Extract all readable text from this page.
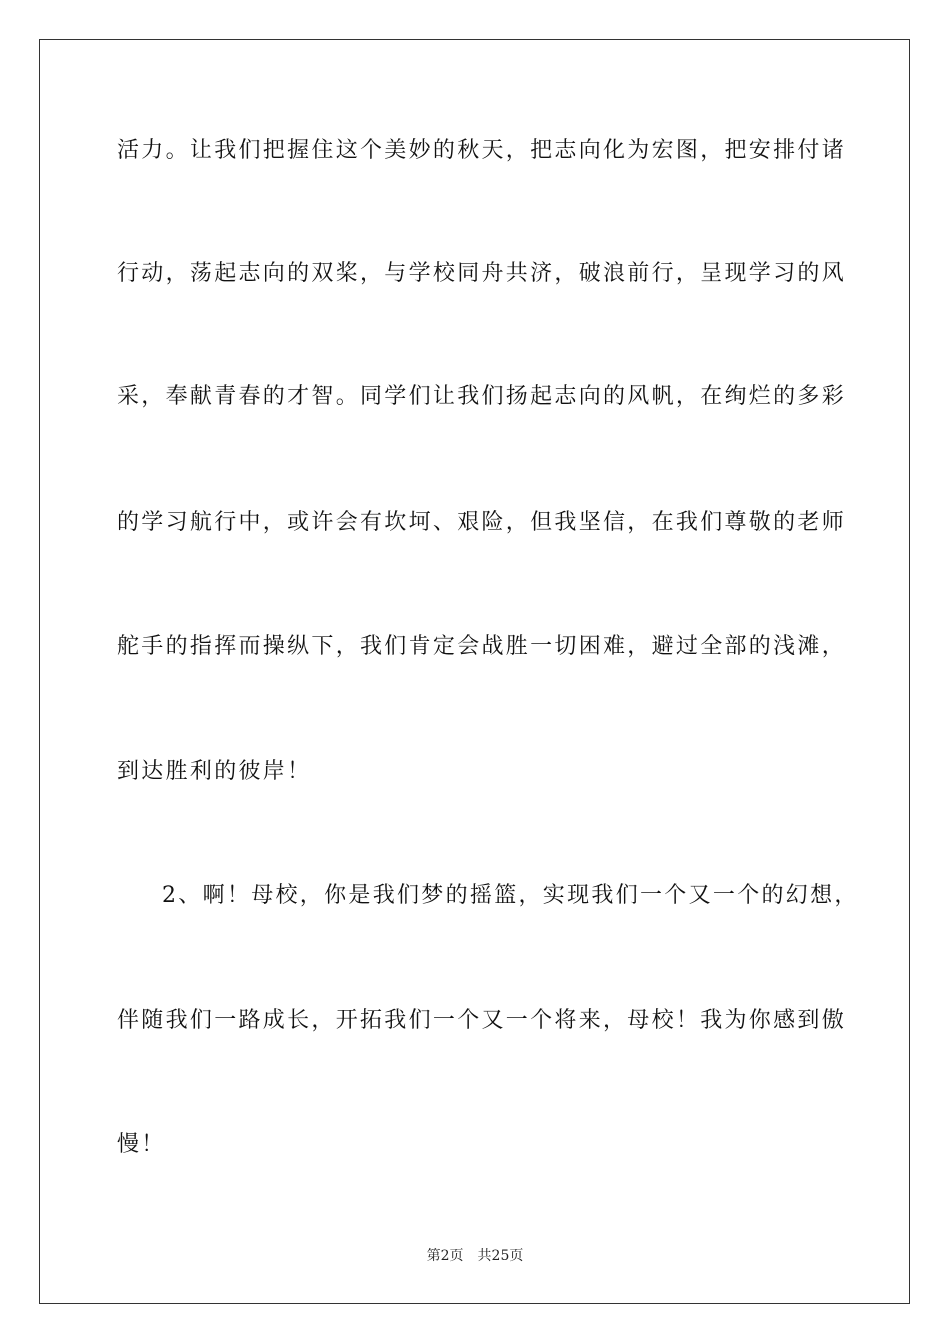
活力。让我们把握住这个美妙的秋天，把志向化为宏图，把安排付诸
行动，荡起志向的双桨，与学校同舟共济，破浪前行，呈现学习的风
采，奉献青春的才智。同学们让我们扬起志向的风帆，在绚烂的多彩
的学习航行中，或许会有坎坷、艰险，但我坚信，在我们尊敬的老师
舵手的指挥而操纵下，我们肯定会战胜一切困难，避过全部的浅滩，
到达胜利的彼岸！
2、啊！母校，你是我们梦的摇篮，实现我们一个又一个的幻想，
伴随我们一路成长，开拓我们一个又一个将来，母校！我为你感到傲
慢！
第2页 共25页
